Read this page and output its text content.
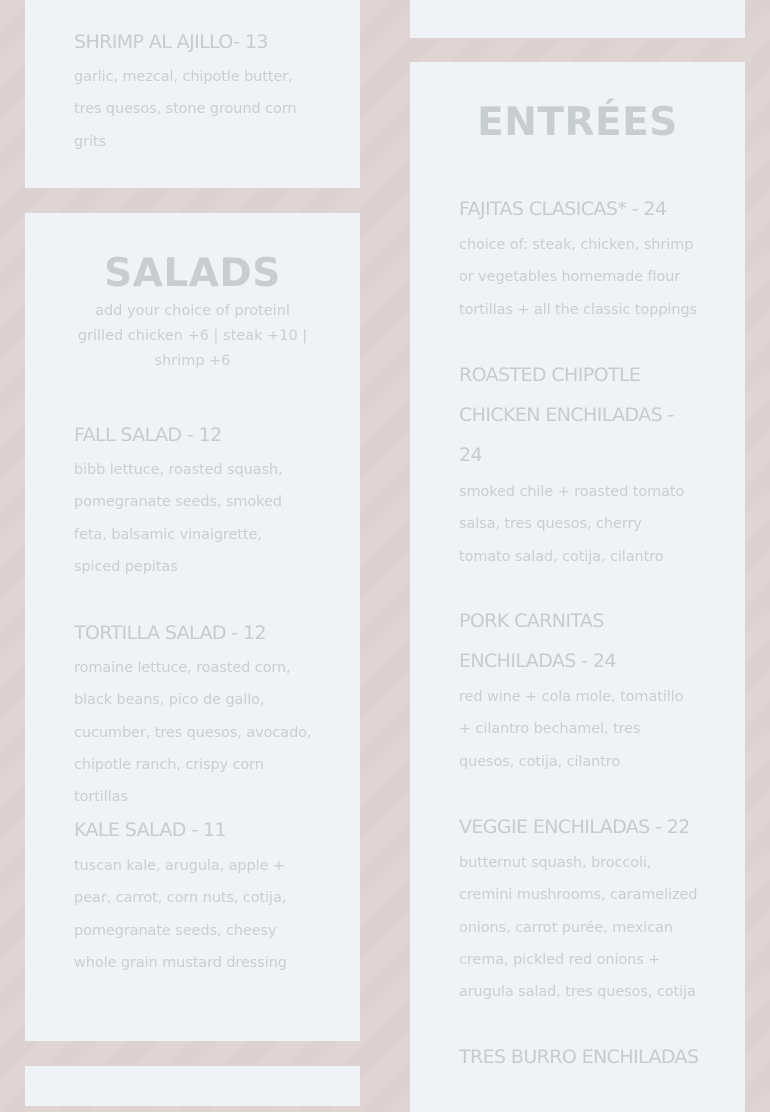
SHRIMP AL AJILLO- 13

garlic, mezcal, chipotle butter, tres quesos, stone ground corn grits

SALADS

add your choice of proteinl grilled chicken +6 | steak +10 | shrimp +6

FALL SALAD - 12

bibb lettuce, roasted squash, pomegranate seeds, smoked feta, balsamic vinaigrette, spiced pepitas

TORTILLA SALAD - 12

romaine lettuce, roasted corn, black beans, pico de gallo, cucumber, tres quesos, avocado, chipotle ranch, crispy corn tortillas

KALE SALAD - 11

tuscan kale, arugula, apple + pear, carrot, corn nuts, cotija, pomegranate seeds, cheesy whole grain mustard dressing

ENTRÉES
FAJITAS CLASICAS* - 24

choice of: steak, chicken, shrimp or vegetables homemade flour tortillas + all the classic toppings

ROASTED CHIPOTLE CHICKEN ENCHILADAS - 24

smoked chile + roasted tomato salsa, tres quesos, cherry tomato salad, cotija, cilantro

PORK CARNITAS ENCHILADAS - 24

red wine + cola mole, tomatillo + cilantro bechamel, tres quesos, cotija, cilantro

VEGGIE ENCHILADAS - 22

butternut squash, broccoli, cremini mushrooms, caramelized onions, carrot purée, mexican crema, pickled red onions + arugula salad, tres quesos, cotija

TRES BURRO ENCHILADAS
